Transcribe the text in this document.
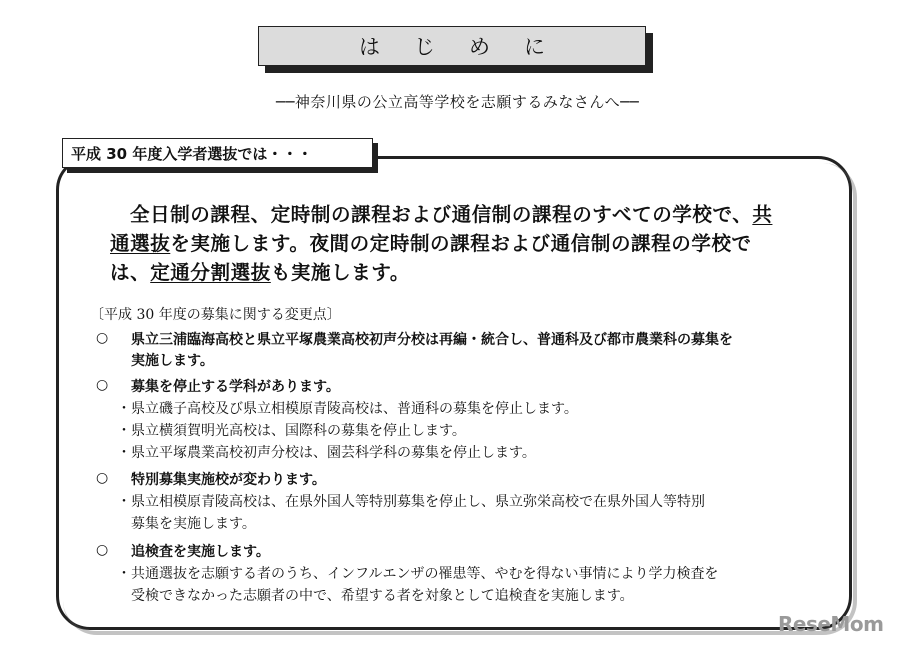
はじめに
──神奈川県の公立高等学校を志願するみなさんへ──
平成 30 年度入学者選抜では・・・
全日制の課程、定時制の課程および通信制の課程のすべての学校で、共
通選抜を実施します。夜間の定時制の課程および通信制の課程の学校で
は、定通分割選抜も実施します。
〔平成 30 年度の募集に関する変更点〕
○ 県立三浦臨海高校と県立平塚農業高校初声分校は再編・統合し、普通科及び都市農業科の募集を
実施します。
○ 募集を停止する学科があります。
・県立磯子高校及び県立相模原青陵高校は、普通科の募集を停止します。
・県立横須賀明光高校は、国際科の募集を停止します。
・県立平塚農業高校初声分校は、園芸科学科の募集を停止します。
○ 特別募集実施校が変わります。
・県立相模原青陵高校は、在県外国人等特別募集を停止し、県立弥栄高校で在県外国人等特別
　募集を実施します。
○ 追検査を実施します。
・共通選抜を志願する者のうち、インフルエンザの罹患等、やむを得ない事情により学力検査を
　受検できなかった志願者の中で、希望する者を対象として追検査を実施します。
ReseMom
